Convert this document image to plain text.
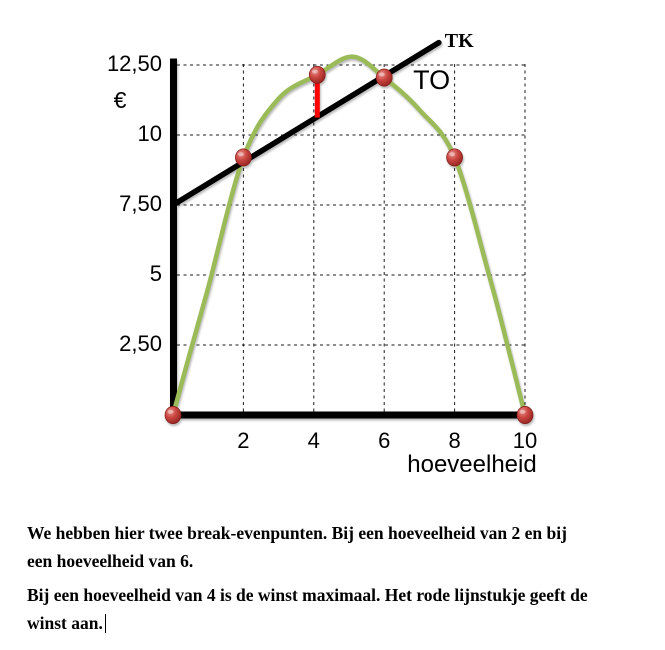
12,50
10
7,50
5
2,50
2	4	6	8	10
€
hoeveelheid
TK
TO

We hebben hier twee break-evenpunten. Bij een hoeveelheid van 2 en bij
een hoeveelheid van 6.

Bij een hoeveelheid van 4 is de winst maximaal. Het rode lijnstukje geeft de
winst aan.
